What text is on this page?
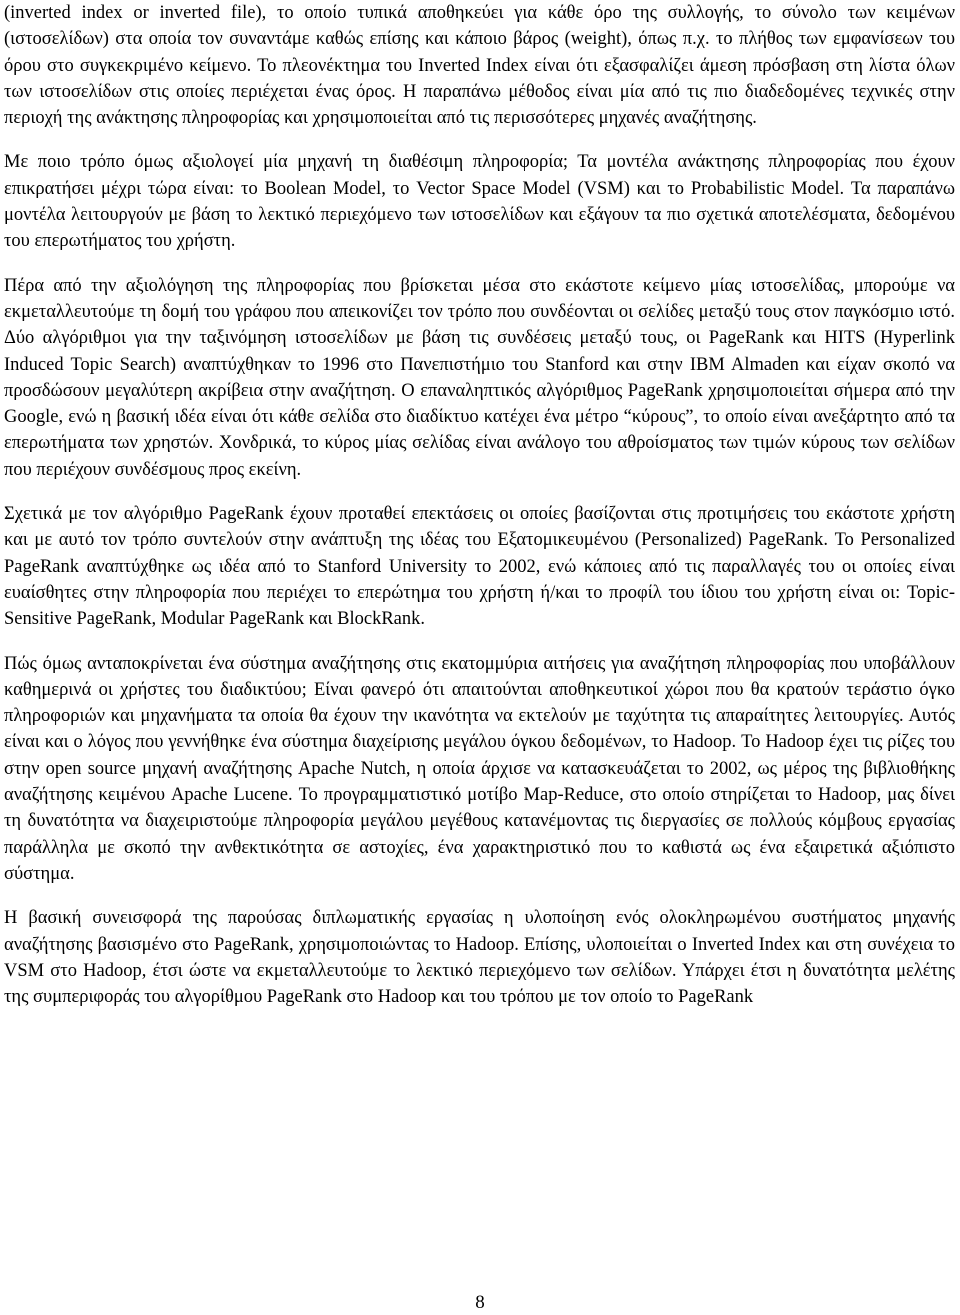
(inverted index or inverted file), το οποίο τυπικά αποθηκεύει για κάθε όρο της συλλογής, το σύνολο των κειμένων (ιστοσελίδων) στα οποία τον συναντάμε καθώς επίσης και κάποιο βάρος (weight), όπως π.χ. το πλήθος των εμφανίσεων του όρου στο συγκεκριμένο κείμενο. Το πλεονέκτημα του Inverted Index είναι ότι εξασφαλίζει άμεση πρόσβαση στη λίστα όλων των ιστοσελίδων στις οποίες περιέχεται ένας όρος. Η παραπάνω μέθοδος είναι μία από τις πιο διαδεδομένες τεχνικές στην περιοχή της ανάκτησης πληροφορίας και χρησιμοποιείται από τις περισσότερες μηχανές αναζήτησης.

Με ποιο τρόπο όμως αξιολογεί μία μηχανή τη διαθέσιμη πληροφορία; Τα μοντέλα ανάκτησης πληροφορίας που έχουν επικρατήσει μέχρι τώρα είναι: το Boolean Model, το Vector Space Model (VSM) και το Probabilistic Model. Τα παραπάνω μοντέλα λειτουργούν με βάση το λεκτικό περιεχόμενο των ιστοσελίδων και εξάγουν τα πιο σχετικά αποτελέσματα, δεδομένου του επερωτήματος του χρήστη.

Πέρα από την αξιολόγηση της πληροφορίας που βρίσκεται μέσα στο εκάστοτε κείμενο μίας ιστοσελίδας, μπορούμε να εκμεταλλευτούμε τη δομή του γράφου που απεικονίζει τον τρόπο που συνδέονται οι σελίδες μεταξύ τους στον παγκόσμιο ιστό. Δύο αλγόριθμοι για την ταξινόμηση ιστοσελίδων με βάση τις συνδέσεις μεταξύ τους, οι PageRank και HITS (Hyperlink Induced Topic Search) αναπτύχθηκαν το 1996 στο Πανεπιστήμιο του Stanford και στην IBM Almaden και είχαν σκοπό να προσδώσουν μεγαλύτερη ακρίβεια στην αναζήτηση. Ο επαναληπτικός αλγόριθμος PageRank χρησιμοποιείται σήμερα από την Google, ενώ η βασική ιδέα είναι ότι κάθε σελίδα στο διαδίκτυο κατέχει ένα μέτρο “κύρους”, το οποίο είναι ανεξάρτητο από τα επερωτήματα των χρηστών. Χονδρικά, το κύρος μίας σελίδας είναι ανάλογο του αθροίσματος των τιμών κύρους των σελίδων που περιέχουν συνδέσμους προς εκείνη.

Σχετικά με τον αλγόριθμο PageRank έχουν προταθεί επεκτάσεις οι οποίες βασίζονται στις προτιμήσεις του εκάστοτε χρήστη και με αυτό τον τρόπο συντελούν στην ανάπτυξη της ιδέας του Εξατομικευμένου (Personalized) PageRank. Το Personalized PageRank αναπτύχθηκε ως ιδέα από το Stanford University το 2002, ενώ κάποιες από τις παραλλαγές του οι οποίες είναι ευαίσθητες στην πληροφορία που περιέχει το επερώτημα του χρήστη ή/και το προφίλ του ίδιου του χρήστη είναι οι: Topic-Sensitive PageRank, Modular PageRank και BlockRank.

Πώς όμως ανταποκρίνεται ένα σύστημα αναζήτησης στις εκατομμύρια αιτήσεις για αναζήτηση πληροφορίας που υποβάλλουν καθημερινά οι χρήστες του διαδικτύου; Είναι φανερό ότι απαιτούνται αποθηκευτικοί χώροι που θα κρατούν τεράστιο όγκο πληροφοριών και μηχανήματα τα οποία θα έχουν την ικανότητα να εκτελούν με ταχύτητα τις απαραίτητες λειτουργίες. Αυτός είναι και ο λόγος που γεννήθηκε ένα σύστημα διαχείρισης μεγάλου όγκου δεδομένων, το Hadoop. Το Hadoop έχει τις ρίζες του στην open source μηχανή αναζήτησης Apache Nutch, η οποία άρχισε να κατασκευάζεται το 2002, ως μέρος της βιβλιοθήκης αναζήτησης κειμένου Apache Lucene. Το προγραμματιστικό μοτίβο Map-Reduce, στο οποίο στηρίζεται το Hadoop, μας δίνει τη δυνατότητα να διαχειριστούμε πληροφορία μεγάλου μεγέθους κατανέμοντας τις διεργασίες σε πολλούς κόμβους εργασίας παράλληλα με σκοπό την ανθεκτικότητα σε αστοχίες, ένα χαρακτηριστικό που το καθιστά ως ένα εξαιρετικά αξιόπιστο σύστημα.

Η βασική συνεισφορά της παρούσας διπλωματικής εργασίας η υλοποίηση ενός ολοκληρωμένου συστήματος μηχανής αναζήτησης βασισμένο στο PageRank, χρησιμοποιώντας το Hadoop. Επίσης, υλοποιείται ο Inverted Index και στη συνέχεια το VSM στο Hadoop, έτσι ώστε να εκμεταλλευτούμε το λεκτικό περιεχόμενο των σελίδων. Υπάρχει έτσι η δυνατότητα μελέτης της συμπεριφοράς του αλγορίθμου PageRank στο Hadoop και του τρόπου με τον οποίο το PageRank

8
